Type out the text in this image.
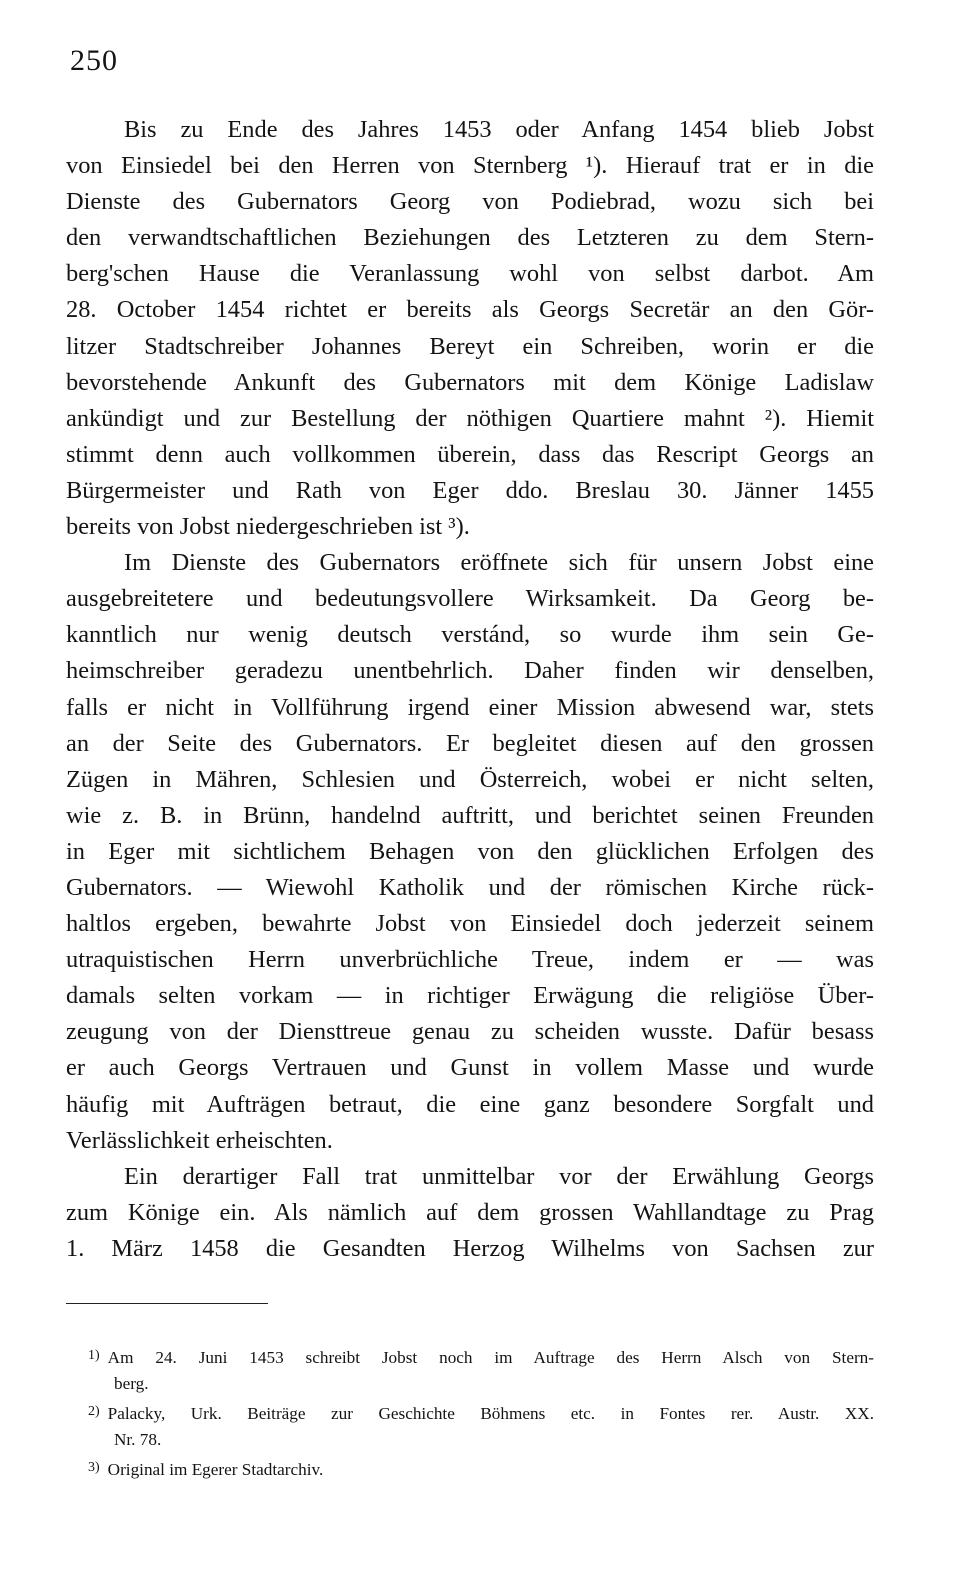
250
Bis zu Ende des Jahres 1453 oder Anfang 1454 blieb Jobst
von Einsiedel bei den Herren von Sternberg ¹). Hierauf trat er in die
Dienste des Gubernators Georg von Podiebrad, wozu sich bei
den verwandtschaftlichen Beziehungen des Letzteren zu dem Stern-
berg'schen Hause die Veranlassung wohl von selbst darbot. Am
28. October 1454 richtet er bereits als Georgs Secretär an den Gör-
litzer Stadtschreiber Johannes Bereyt ein Schreiben, worin er die
bevorstehende Ankunft des Gubernators mit dem Könige Ladislaw
ankündigt und zur Bestellung der nöthigen Quartiere mahnt ²). Hiemit
stimmt denn auch vollkommen überein, dass das Rescript Georgs an
Bürgermeister und Rath von Eger ddo. Breslau 30. Jänner 1455
bereits von Jobst niedergeschrieben ist ³).
Im Dienste des Gubernators eröffnete sich für unsern Jobst eine
ausgebreitetere und bedeutungsvollere Wirksamkeit. Da Georg be-
kanntlich nur wenig deutsch verstánd, so wurde ihm sein Ge-
heimschreiber geradezu unentbehrlich. Daher finden wir denselben,
falls er nicht in Vollführung irgend einer Mission abwesend war, stets
an der Seite des Gubernators. Er begleitet diesen auf den grossen
Zügen in Mähren, Schlesien und Österreich, wobei er nicht selten,
wie z. B. in Brünn, handelnd auftritt, und berichtet seinen Freunden
in Eger mit sichtlichem Behagen von den glücklichen Erfolgen des
Gubernators. — Wiewohl Katholik und der römischen Kirche rück-
haltlos ergeben, bewahrte Jobst von Einsiedel doch jederzeit seinem
utraquistischen Herrn unverbrüchliche Treue, indem er — was
damals selten vorkam — in richtiger Erwägung die religiöse Über-
zeugung von der Diensttreue genau zu scheiden wusste. Dafür besass
er auch Georgs Vertrauen und Gunst in vollem Masse und wurde
häufig mit Aufträgen betraut, die eine ganz besondere Sorgfalt und
Verlässlichkeit erheischten.
Ein derartiger Fall trat unmittelbar vor der Erwählung Georgs
zum Könige ein. Als nämlich auf dem grossen Wahllandtage zu Prag
1. März 1458 die Gesandten Herzog Wilhelms von Sachsen zur
$^{1)}$ Am 24. Juni 1453 schreibt Jobst noch im Auftrage des Herrn Alsch von Stern-
berg.
$^{2)}$ Palacky, Urk. Beiträge zur Geschichte Böhmens etc. in Fontes rer. Austr. XX.
Nr. 78.
$^{3)}$ Original im Egerer Stadtarchiv.
